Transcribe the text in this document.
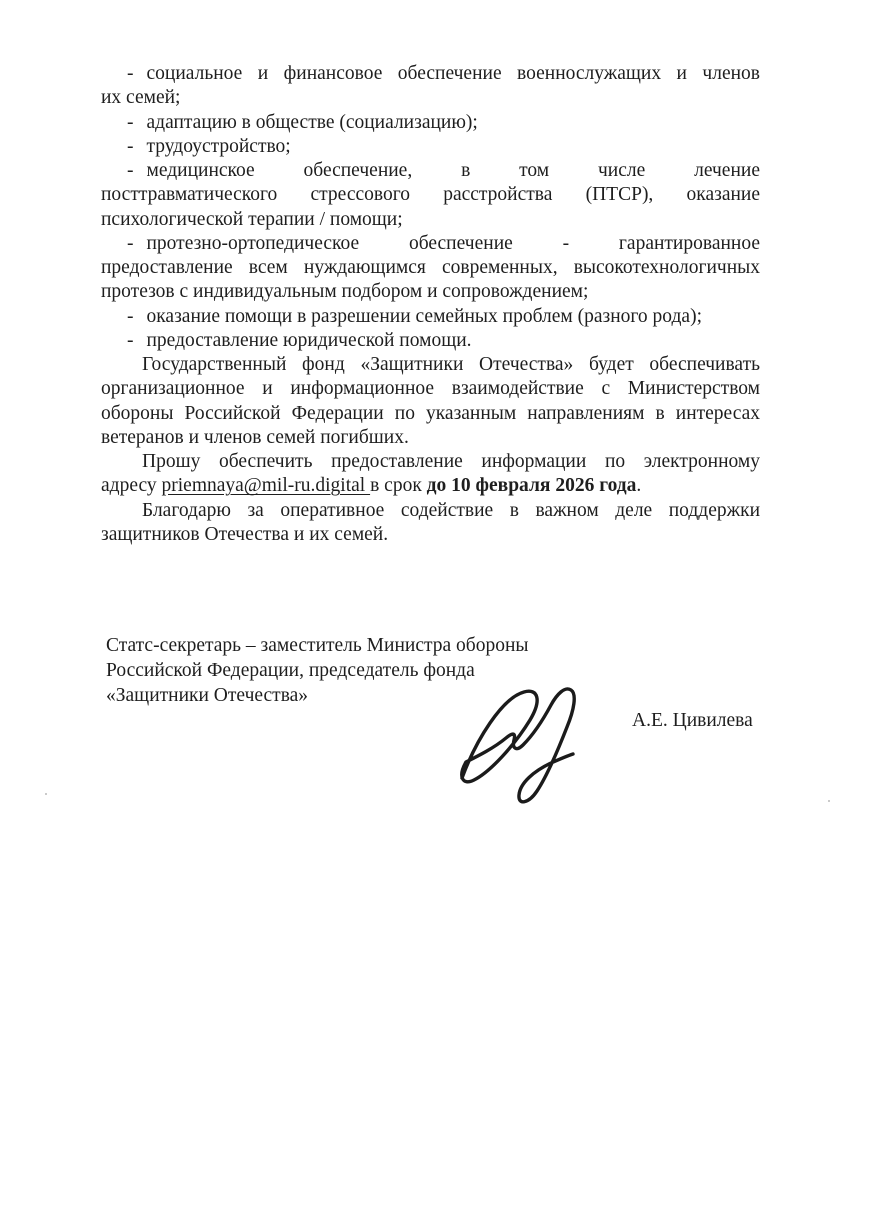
- социальное и финансовое обеспечение военнослужащих и членов
их семей;
- адаптацию в обществе (социализацию);
- трудоустройство;
- медицинское обеспечение, в том числе лечение
посттравматического стрессового расстройства (ПТСР), оказание
психологической терапии / помощи;
- протезно-ортопедическое обеспечение - гарантированное
предоставление всем нуждающимся современных, высокотехнологичных
протезов с индивидуальным подбором и сопровождением;
- оказание помощи в разрешении семейных проблем (разного рода);
- предоставление юридической помощи.
Государственный фонд «Защитники Отечества» будет обеспечивать
организационное и информационное взаимодействие с Министерством
обороны Российской Федерации по указанным направлениям в интересах
ветеранов и членов семей погибших.
Прошу обеспечить предоставление информации по электронному
адресу priemnaya@mil-ru.digital в срок до 10 февраля 2026 года.
Благодарю за оперативное содействие в важном деле поддержки
защитников Отечества и их семей.
Статс-секретарь – заместитель Министра обороны
Российской Федерации, председатель фонда
«Защитники Отечества»
А.Е. Цивилева
